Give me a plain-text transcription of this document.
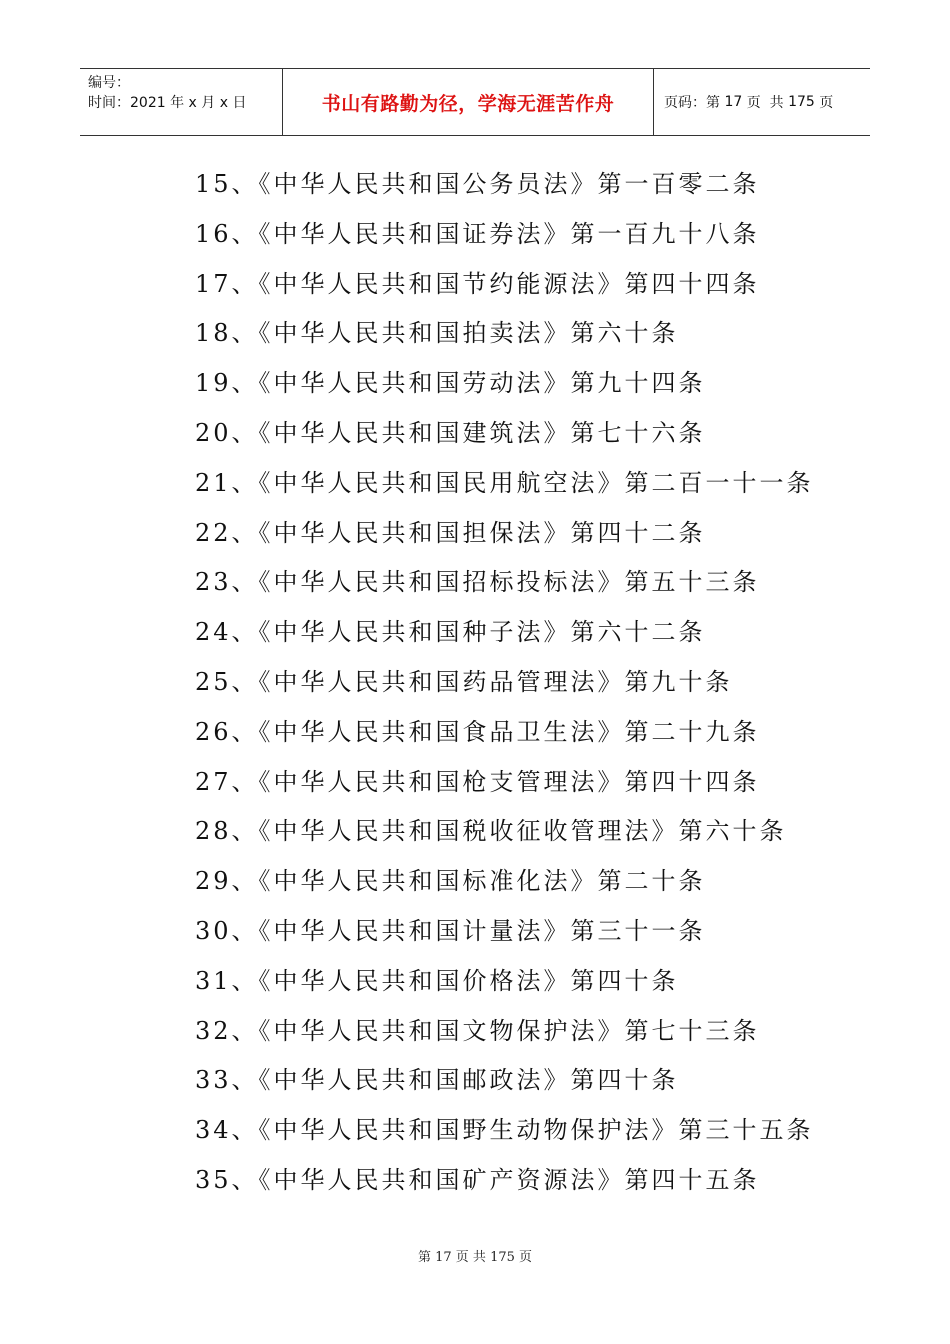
编号：
时间：2021 年 x 月 x 日	书山有路勤为径，学海无涯苦作舟	页码：第 17 页  共 175 页
15、《中华人民共和国公务员法》第一百零二条
16、《中华人民共和国证券法》第一百九十八条
17、《中华人民共和国节约能源法》第四十四条
18、《中华人民共和国拍卖法》第六十条
19、《中华人民共和国劳动法》第九十四条
20、《中华人民共和国建筑法》第七十六条
21、《中华人民共和国民用航空法》第二百一十一条
22、《中华人民共和国担保法》第四十二条
23、《中华人民共和国招标投标法》第五十三条
24、《中华人民共和国种子法》第六十二条
25、《中华人民共和国药品管理法》第九十条
26、《中华人民共和国食品卫生法》第二十九条
27、《中华人民共和国枪支管理法》第四十四条
28、《中华人民共和国税收征收管理法》第六十条
29、《中华人民共和国标准化法》第二十条
30、《中华人民共和国计量法》第三十一条
31、《中华人民共和国价格法》第四十条
32、《中华人民共和国文物保护法》第七十三条
33、《中华人民共和国邮政法》第四十条
34、《中华人民共和国野生动物保护法》第三十五条
35、《中华人民共和国矿产资源法》第四十五条
第 17 页 共 175 页
